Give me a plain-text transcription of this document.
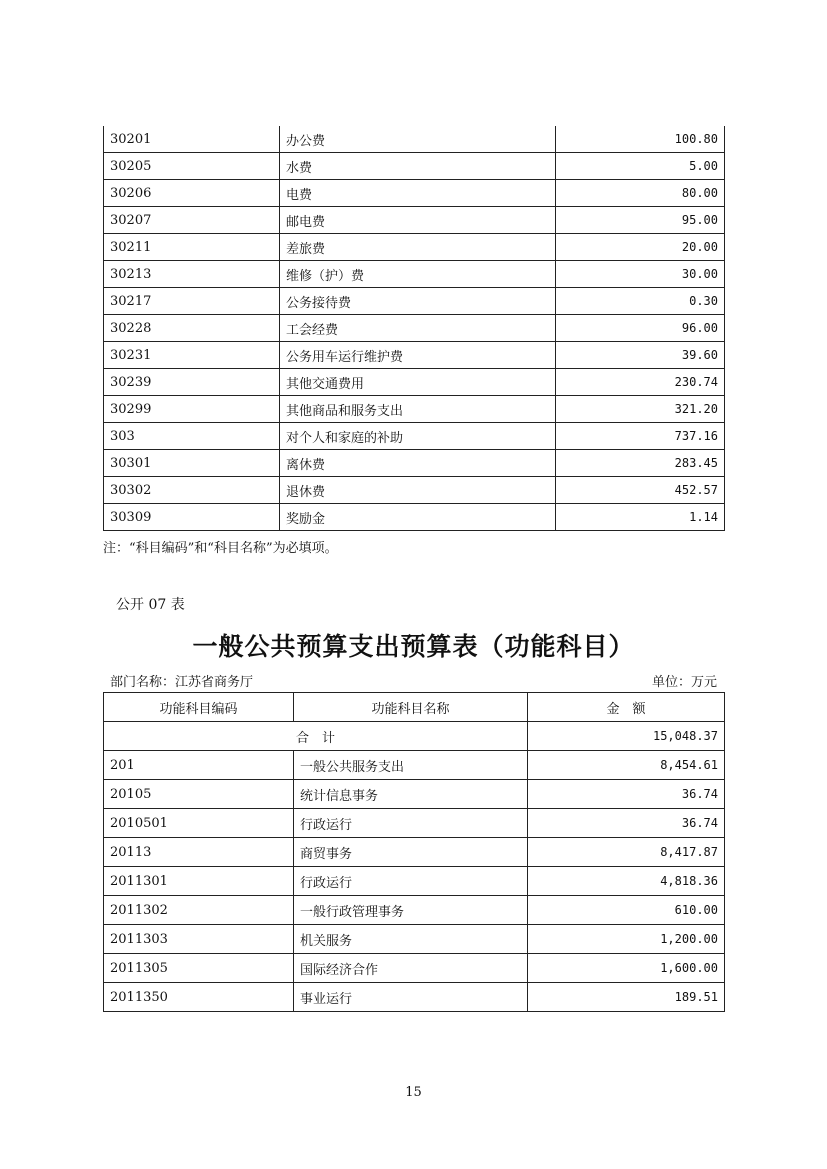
30201	办公费	100.80
30205	水费	5.00
30206	电费	80.00
30207	邮电费	95.00
30211	差旅费	20.00
30213	维修（护）费	30.00
30217	公务接待费	0.30
30228	工会经费	96.00
30231	公务用车运行维护费	39.60
30239	其他交通费用	230.74
30299	其他商品和服务支出	321.20
303	对个人和家庭的补助	737.16
30301	离休费	283.45
30302	退休费	452.57
30309	奖励金	1.14
注：“科目编码”和“科目名称”为必填项。
公开 07 表
一般公共预算支出预算表（功能科目）
部门名称：江苏省商务厅	单位：万元
功能科目编码	功能科目名称	金　额
合　计		15,048.37
201	一般公共服务支出	8,454.61
20105	统计信息事务	36.74
2010501	行政运行	36.74
20113	商贸事务	8,417.87
2011301	行政运行	4,818.36
2011302	一般行政管理事务	610.00
2011303	机关服务	1,200.00
2011305	国际经济合作	1,600.00
2011350	事业运行	189.51
15
